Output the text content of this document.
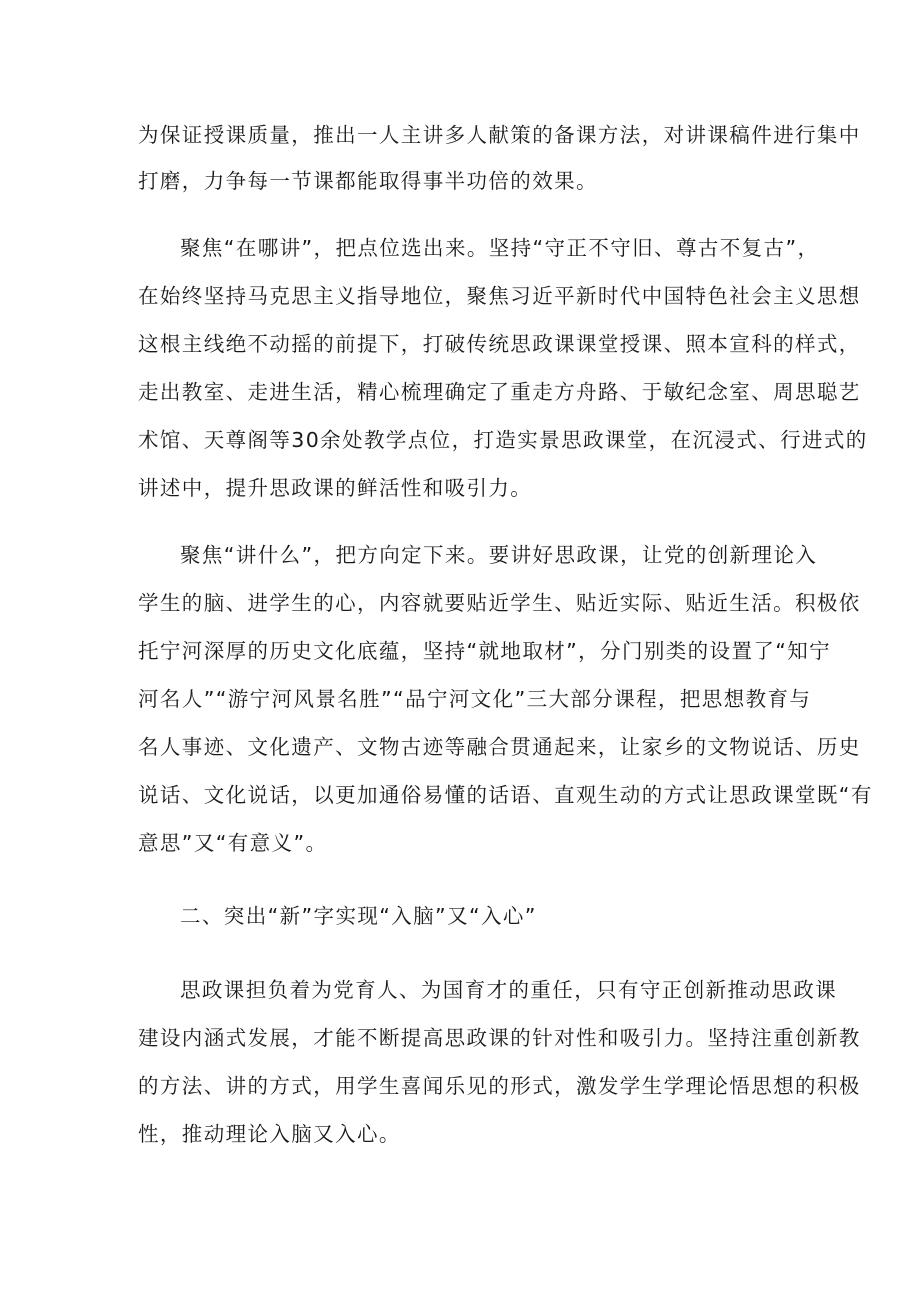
为保证授课质量，推出一人主讲多人献策的备课方法，对讲课稿件进行集中
打磨，力争每一节课都能取得事半功倍的效果。
聚焦“在哪讲”，把点位选出来。坚持“守正不守旧、尊古不复古”，
在始终坚持马克思主义指导地位，聚焦习近平新时代中国特色社会主义思想
这根主线绝不动摇的前提下，打破传统思政课课堂授课、照本宣科的样式，
走出教室、走进生活，精心梳理确定了重走方舟路、于敏纪念室、周思聪艺
术馆、天尊阁等30余处教学点位，打造实景思政课堂，在沉浸式、行进式的
讲述中，提升思政课的鲜活性和吸引力。
聚焦“讲什么”，把方向定下来。要讲好思政课，让党的创新理论入
学生的脑、进学生的心，内容就要贴近学生、贴近实际、贴近生活。积极依
托宁河深厚的历史文化底蕴，坚持“就地取材”，分门别类的设置了“知宁
河名人”“游宁河风景名胜”“品宁河文化”三大部分课程，把思想教育与
名人事迹、文化遗产、文物古迹等融合贯通起来，让家乡的文物说话、历史
说话、文化说话，以更加通俗易懂的话语、直观生动的方式让思政课堂既“有
意思”又“有意义”。
二、突出“新”字实现“入脑”又“入心”
思政课担负着为党育人、为国育才的重任，只有守正创新推动思政课
建设内涵式发展，才能不断提高思政课的针对性和吸引力。坚持注重创新教
的方法、讲的方式，用学生喜闻乐见的形式，激发学生学理论悟思想的积极
性，推动理论入脑又入心。
